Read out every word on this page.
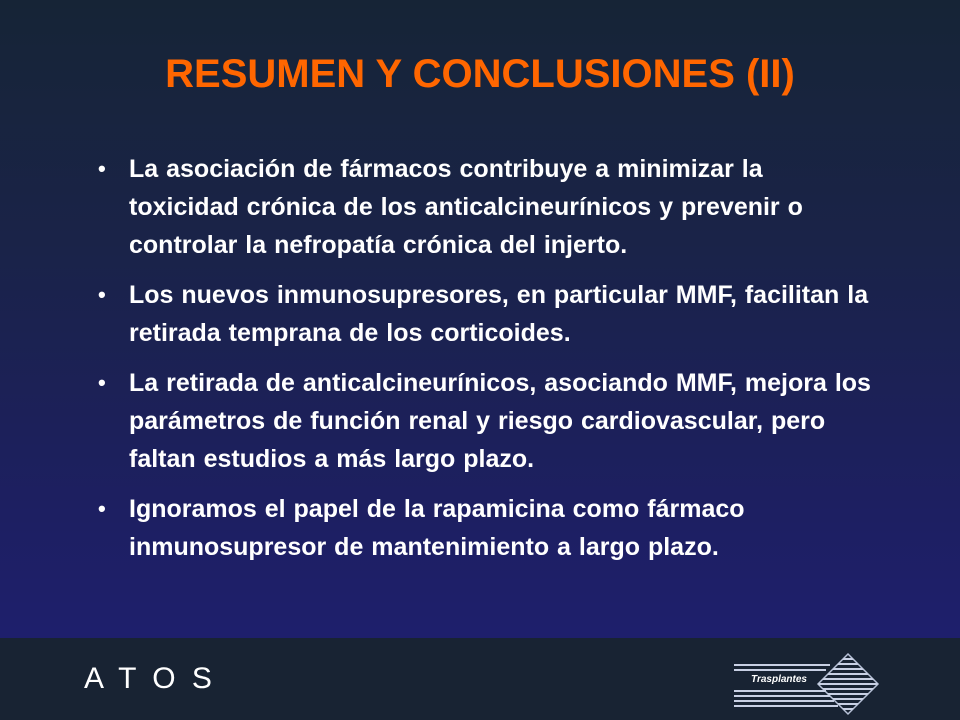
RESUMEN Y CONCLUSIONES (II)
• La asociación de fármacos contribuye a minimizar la toxicidad crónica de los anticalcineurínicos y prevenir o controlar la nefropatía crónica del injerto.
• Los nuevos inmunosupresores, en particular MMF, facilitan la retirada temprana de los corticoides.
• La retirada de anticalcineurínicos, asociando MMF, mejora los parámetros de función renal y riesgo cardiovascular, pero faltan estudios a más largo plazo.
• Ignoramos el papel de la rapamicina como fármaco inmunosupresor de mantenimiento a largo plazo.

A T O S	Trasplantes
